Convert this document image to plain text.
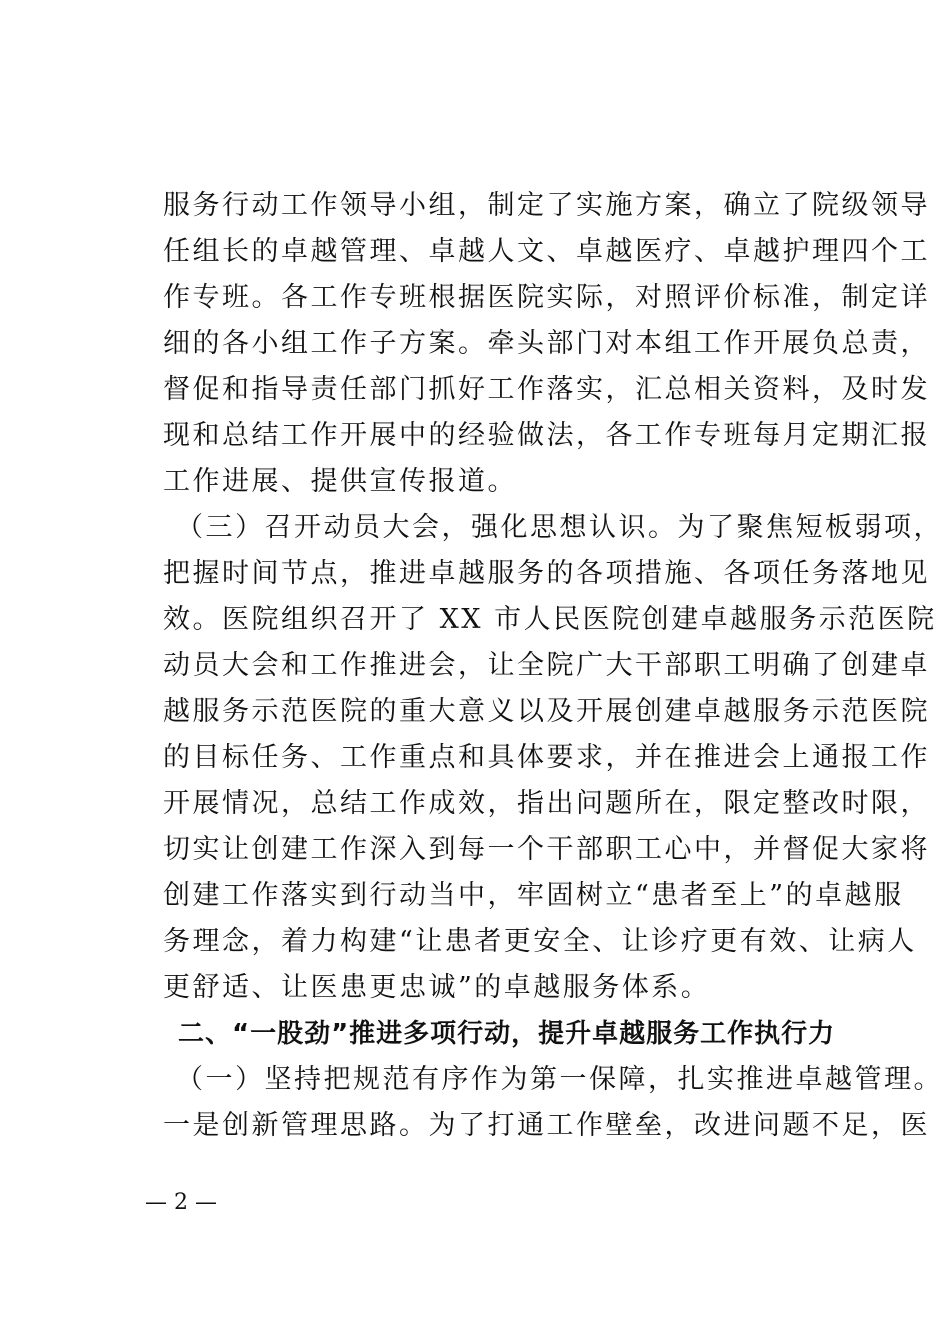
服务行动工作领导小组，制定了实施方案，确立了院级领导
任组长的卓越管理、卓越人文、卓越医疗、卓越护理四个工
作专班。各工作专班根据医院实际，对照评价标准，制定详
细的各小组工作子方案。牵头部门对本组工作开展负总责，
督促和指导责任部门抓好工作落实，汇总相关资料，及时发
现和总结工作开展中的经验做法，各工作专班每月定期汇报
工作进展、提供宣传报道。
（三）召开动员大会，强化思想认识。为了聚焦短板弱项，
把握时间节点，推进卓越服务的各项措施、各项任务落地见
效。医院组织召开了 XX 市人民医院创建卓越服务示范医院
动员大会和工作推进会，让全院广大干部职工明确了创建卓
越服务示范医院的重大意义以及开展创建卓越服务示范医院
的目标任务、工作重点和具体要求，并在推进会上通报工作
开展情况，总结工作成效，指出问题所在，限定整改时限，
切实让创建工作深入到每一个干部职工心中，并督促大家将
创建工作落实到行动当中，牢固树立“患者至上”的卓越服
务理念，着力构建“让患者更安全、让诊疗更有效、让病人
更舒适、让医患更忠诚”的卓越服务体系。
二、“一股劲”推进多项行动，提升卓越服务工作执行力
（一）坚持把规范有序作为第一保障，扎实推进卓越管理。
一是创新管理思路。为了打通工作壁垒，改进问题不足，医
— 2 —
